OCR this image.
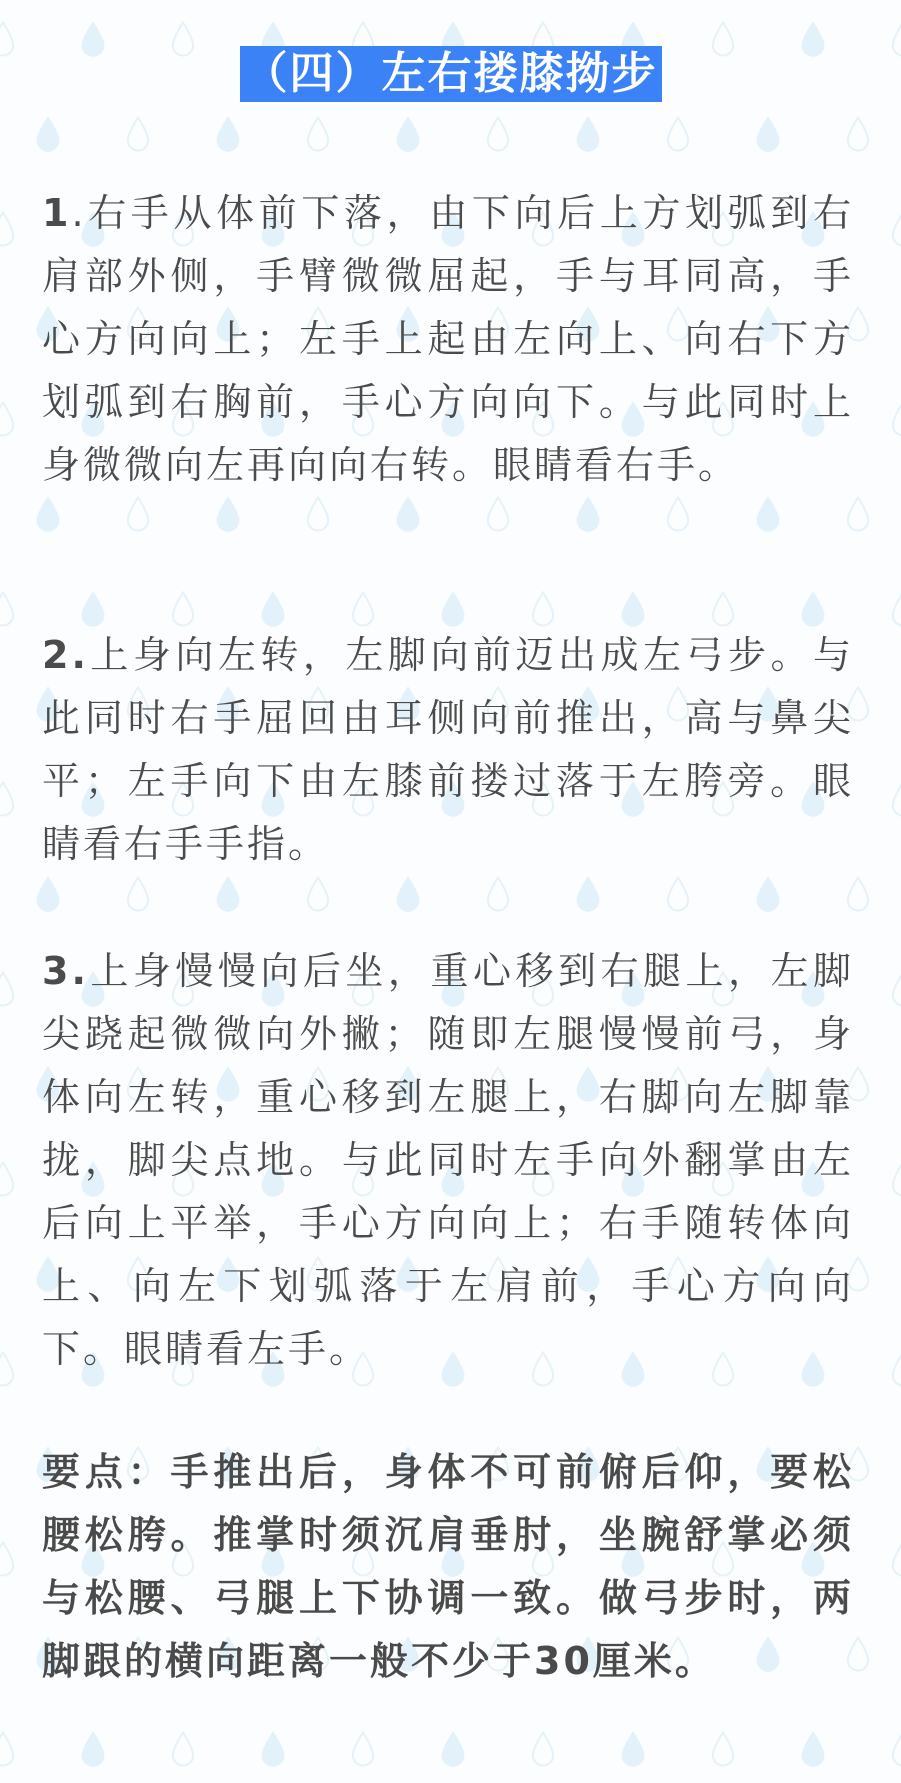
（四）左右搂膝拗步

1.右手从体前下落，由下向后上方划弧到右肩部外侧，手臂微微屈起，手与耳同高，手心方向向上；左手上起由左向上、向右下方划弧到右胸前，手心方向向下。与此同时上身微微向左再向向右转。眼睛看右手。

2.上身向左转，左脚向前迈出成左弓步。与此同时右手屈回由耳侧向前推出，高与鼻尖平；左手向下由左膝前搂过落于左胯旁。眼睛看右手手指。

3.上身慢慢向后坐，重心移到右腿上，左脚尖跷起微微向外撇；随即左腿慢慢前弓，身体向左转，重心移到左腿上，右脚向左脚靠拢，脚尖点地。与此同时左手向外翻掌由左后向上平举，手心方向向上；右手随转体向上、向左下划弧落于左肩前，手心方向向下。眼睛看左手。

要点：手推出后，身体不可前俯后仰，要松腰松胯。推掌时须沉肩垂肘，坐腕舒掌必须与松腰、弓腿上下协调一致。做弓步时，两脚跟的横向距离一般不少于30厘米。
